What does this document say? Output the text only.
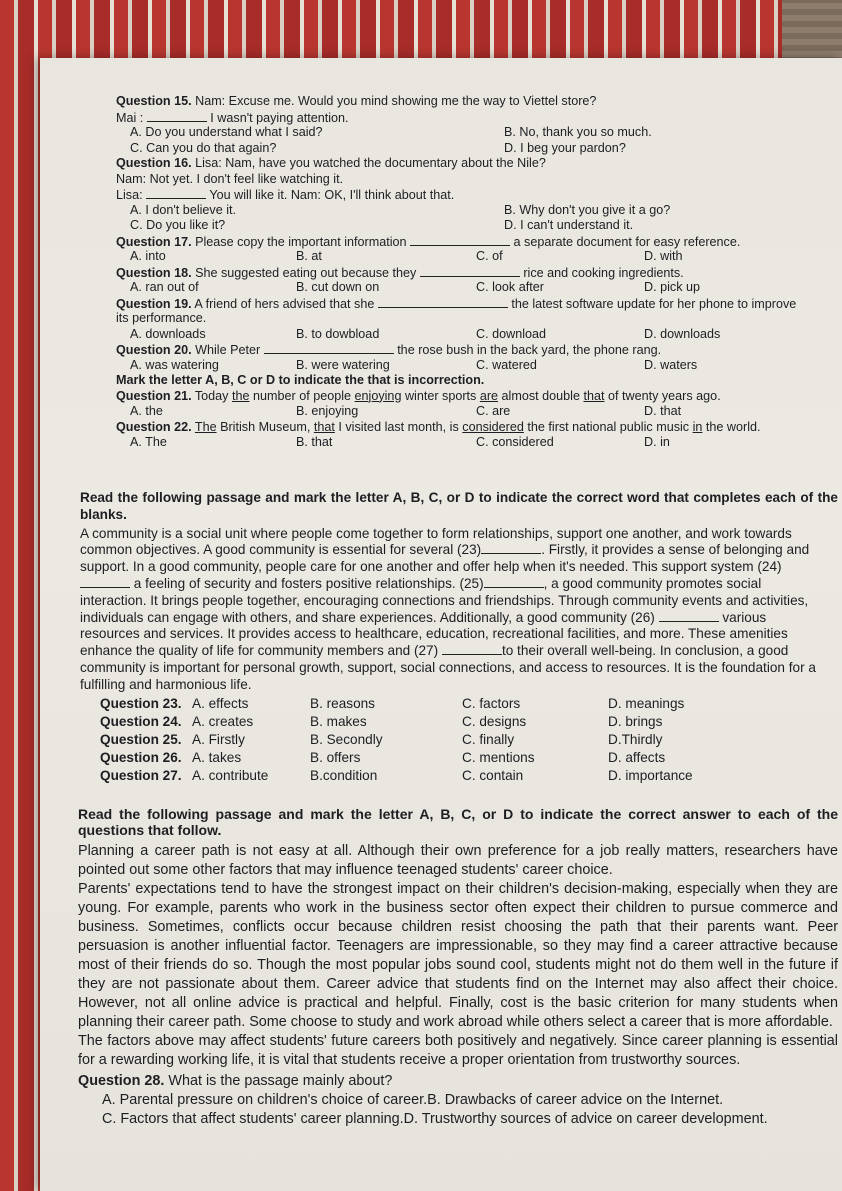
Question 15. Nam: Excuse me. Would you mind showing me the way to Viettel store?
Mai :	I wasn't paying attention.
A. Do you understand what I said?	B. No, thank you so much.
C. Can you do that again?	D. I beg your pardon?
Question 16. Lisa: Nam, have you watched the documentary about the Nile?
Nam: Not yet. I don't feel like watching it.
Lisa:	You will like it. Nam: OK, I'll think about that.
A. I don't believe it.	B. Why don't you give it a go?
C. Do you like it?	D. I can't understand it.
Question 17. Please copy the important information	a separate document for easy reference.
A. into	B. at	C. of	D. with
Question 18. She suggested eating out because they	rice and cooking ingredients.
A. ran out of	B. cut down on	C. look after	D. pick up
Question 19. A friend of hers advised that she	the latest software update for her phone to improve
its performance.
A. downloads	B. to dowbload	C. download	D. downloads
Question 20. While Peter	the rose bush in the back yard, the phone rang.
A. was watering	B. were watering	C. watered	D. waters
Mark the letter A, B, C or D to indicate the that is incorrection.
Question 21. Today the number of people enjoying winter sports are almost double that of twenty years ago.
A. the	B. enjoying	C. are	D. that
Question 22. The British Museum, that I visited last month, is considered the first national public music in the world.
A. The	B. that	C. considered	D. in

Read the following passage and mark the letter A, B, C, or D to indicate the correct word that completes each of the blanks.

A community is a social unit where people come together to form relationships, support one another, and work towards
common objectives. A good community is essential for several (23)	. Firstly, it provides a sense of belonging and
support. In a good community, people care for one another and offer help when it's needed. This support system (24)
a feeling of security and fosters positive relationships. (25)	, a good community promotes social
interaction. It brings people together, encouraging connections and friendships. Through community events and activities,
individuals can engage with others, and share experiences. Additionally, a good community (26)	various
resources and services. It provides access to healthcare, education, recreational facilities, and more. These amenities
enhance the quality of life for community members and (27)	to their overall well-being. In conclusion, a good
community is important for personal growth, support, social connections, and access to resources. It is the foundation for a
fulfilling and harmonious life.
Question 23. A. effects	B. reasons	C. factors	D. meanings
Question 24. A. creates	B. makes	C. designs	D. brings
Question 25. A. Firstly	B. Secondly	C. finally	D.Thirdly
Question 26. A. takes	B. offers	C. mentions	D. affects
Question 27. A. contribute	B.condition	C. contain	D. importance

Read the following passage and mark the letter A, B, C, or D to indicate the correct answer to each of the questions that follow.

Planning a career path is not easy at all. Although their own preference for a job really matters, researchers have pointed out some other factors that may influence teenaged students' career choice.

Parents' expectations tend to have the strongest impact on their children's decision-making, especially when they are young. For example, parents who work in the business sector often expect their children to pursue commerce and business. Sometimes, conflicts occur because children resist choosing the path that their parents want. Peer persuasion is another influential factor. Teenagers are impressionable, so they may find a career attractive because most of their friends do so. Though the most popular jobs sound cool, students might not do them well in the future if they are not passionate about them. Career advice that students find on the Internet may also affect their choice. However, not all online advice is practical and helpful. Finally, cost is the basic criterion for many students when planning their career path. Some choose to study and work abroad while others select a career that is more affordable.

The factors above may affect students' future careers both positively and negatively. Since career planning is essential for a rewarding working life, it is vital that students receive a proper orientation from trustworthy sources.

Question 28. What is the passage mainly about?
A. Parental pressure on children's choice of career.B. Drawbacks of career advice on the Internet.
C. Factors that affect students' career planning.D. Trustworthy sources of advice on career development.
